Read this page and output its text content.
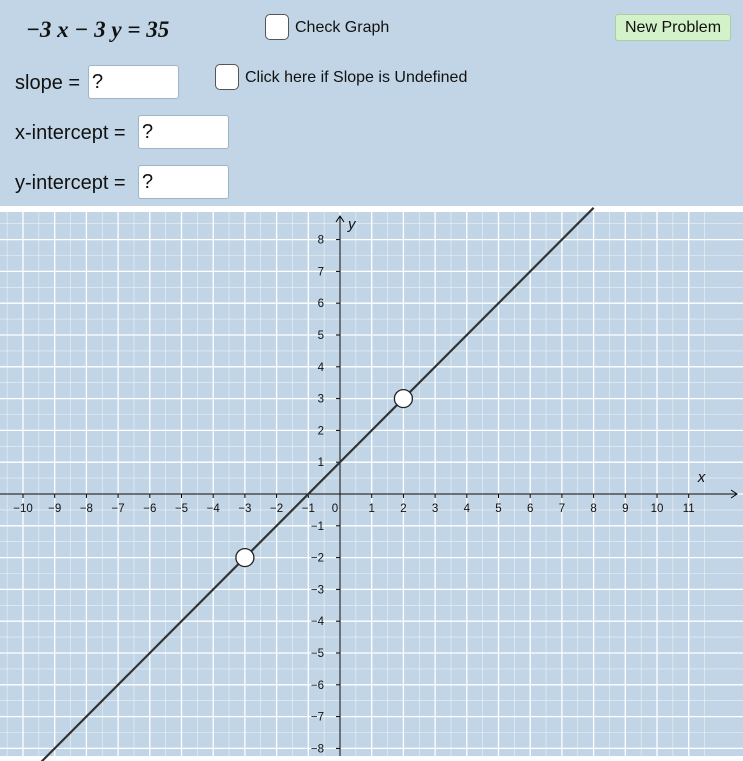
−3 x − 3 y = 35	Check Graph	New Problem
slope =
?	Click here if Slope is Undefined
x-intercept =
?
y-intercept =
?
x
y
−10 −9 −8 −7 −6 −5 −4 −3 −2 −1 0	1 2 3 4 5 6 7 8 9 10 11
−8
−7
−6
−5
−4
−3
−2
−1
1
2
3
4
5
6
7
8
